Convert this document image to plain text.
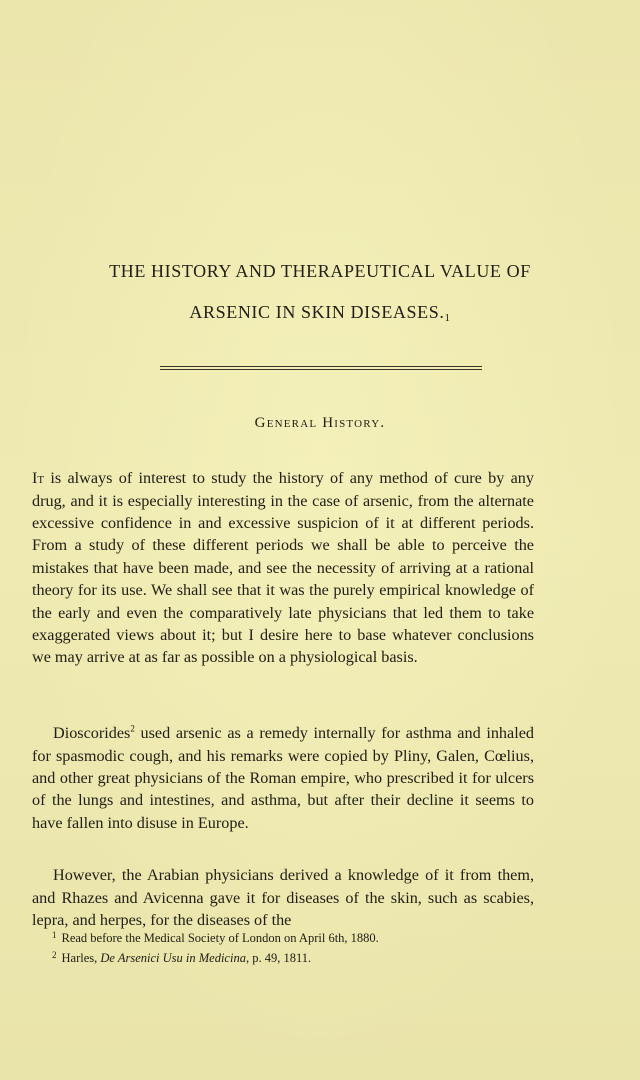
THE HISTORY AND THERAPEUTICAL VALUE OF
ARSENIC IN SKIN DISEASES.$^1$
General History.

It is always of interest to study the history of any method of cure by any drug, and it is especially interesting in the case of arsenic, from the alternate excessive confidence in and excessive suspicion of it at different periods. From a study of these different periods we shall be able to perceive the mistakes that have been made, and see the necessity of arriving at a rational theory for its use. We shall see that it was the purely empirical knowledge of the early and even the comparatively late physicians that led them to take exaggerated views about it; but I desire here to base whatever conclusions we may arrive at as far as possible on a physiological basis.

Dioscorides$^2$ used arsenic as a remedy internally for asthma and inhaled for spasmodic cough, and his remarks were copied by Pliny, Galen, Cœlius, and other great physicians of the Roman empire, who prescribed it for ulcers of the lungs and intestines, and asthma, but after their decline it seems to have fallen into disuse in Europe.

However, the Arabian physicians derived a knowledge of it from them, and Rhazes and Avicenna gave it for diseases of the skin, such as scabies, lepra, and herpes, for the diseases of the

$^1$ Read before the Medical Society of London on April 6th, 1880.
$^2$ Harles, De Arsenici Usu in Medicina, p. 49, 1811.
